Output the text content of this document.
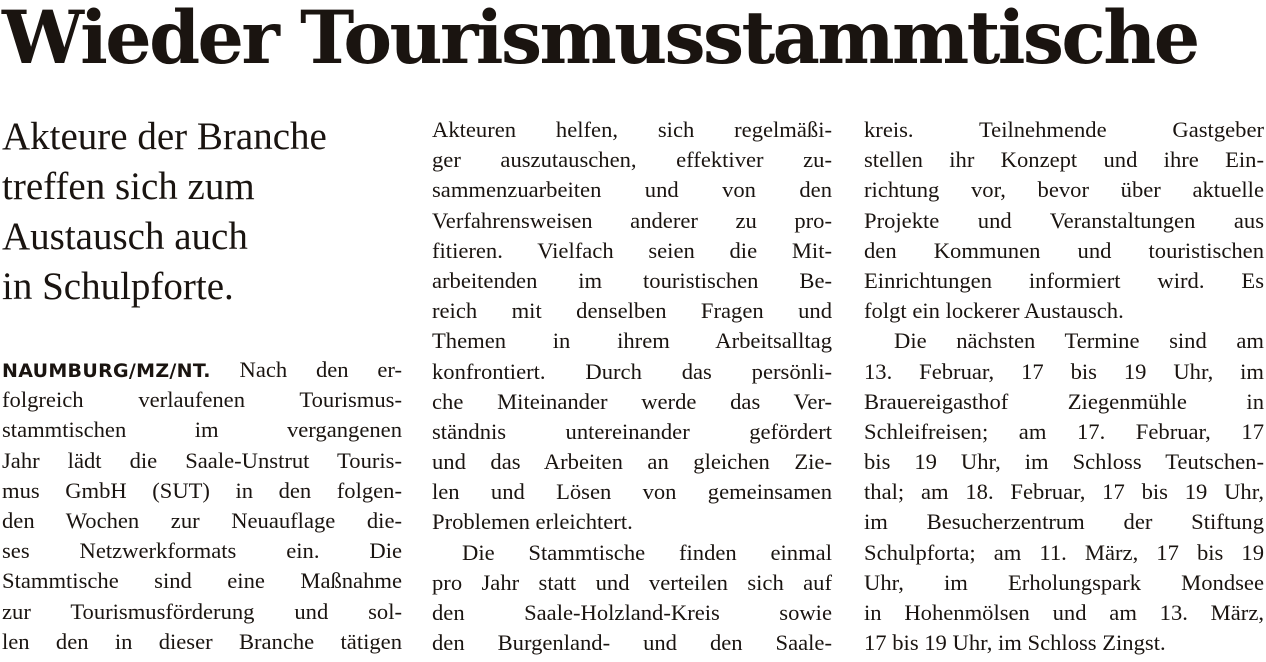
Wieder Tourismusstammtische
Akteure der Branche
treffen sich zum
Austausch auch
in Schulpforte.
NAUMBURG/MZ/NT. Nach den er-
folgreich verlaufenen Tourismus-
stammtischen im vergangenen
Jahr lädt die Saale-Unstrut Touris-
mus GmbH (SUT) in den folgen-
den Wochen zur Neuauflage die-
ses Netzwerkformats ein. Die
Stammtische sind eine Maßnahme
zur Tourismusförderung und sol-
len den in dieser Branche tätigen
Akteuren helfen, sich regelmäßi-
ger auszutauschen, effektiver zu-
sammenzuarbeiten und von den
Verfahrensweisen anderer zu pro-
fitieren. Vielfach seien die Mit-
arbeitenden im touristischen Be-
reich mit denselben Fragen und
Themen in ihrem Arbeitsalltag
konfrontiert. Durch das persönli-
che Miteinander werde das Ver-
ständnis untereinander gefördert
und das Arbeiten an gleichen Zie-
len und Lösen von gemeinsamen
Problemen erleichtert.
Die Stammtische finden einmal
pro Jahr statt und verteilen sich auf
den Saale-Holzland-Kreis sowie
den Burgenland- und den Saale-
kreis. Teilnehmende Gastgeber
stellen ihr Konzept und ihre Ein-
richtung vor, bevor über aktuelle
Projekte und Veranstaltungen aus
den Kommunen und touristischen
Einrichtungen informiert wird. Es
folgt ein lockerer Austausch.
Die nächsten Termine sind am
13. Februar, 17 bis 19 Uhr, im
Brauereigasthof Ziegenmühle in
Schleifreisen; am 17. Februar, 17
bis 19 Uhr, im Schloss Teutschen-
thal; am 18. Februar, 17 bis 19 Uhr,
im Besucherzentrum der Stiftung
Schulpforta; am 11. März, 17 bis 19
Uhr, im Erholungspark Mondsee
in Hohenmölsen und am 13. März,
17 bis 19 Uhr, im Schloss Zingst.
